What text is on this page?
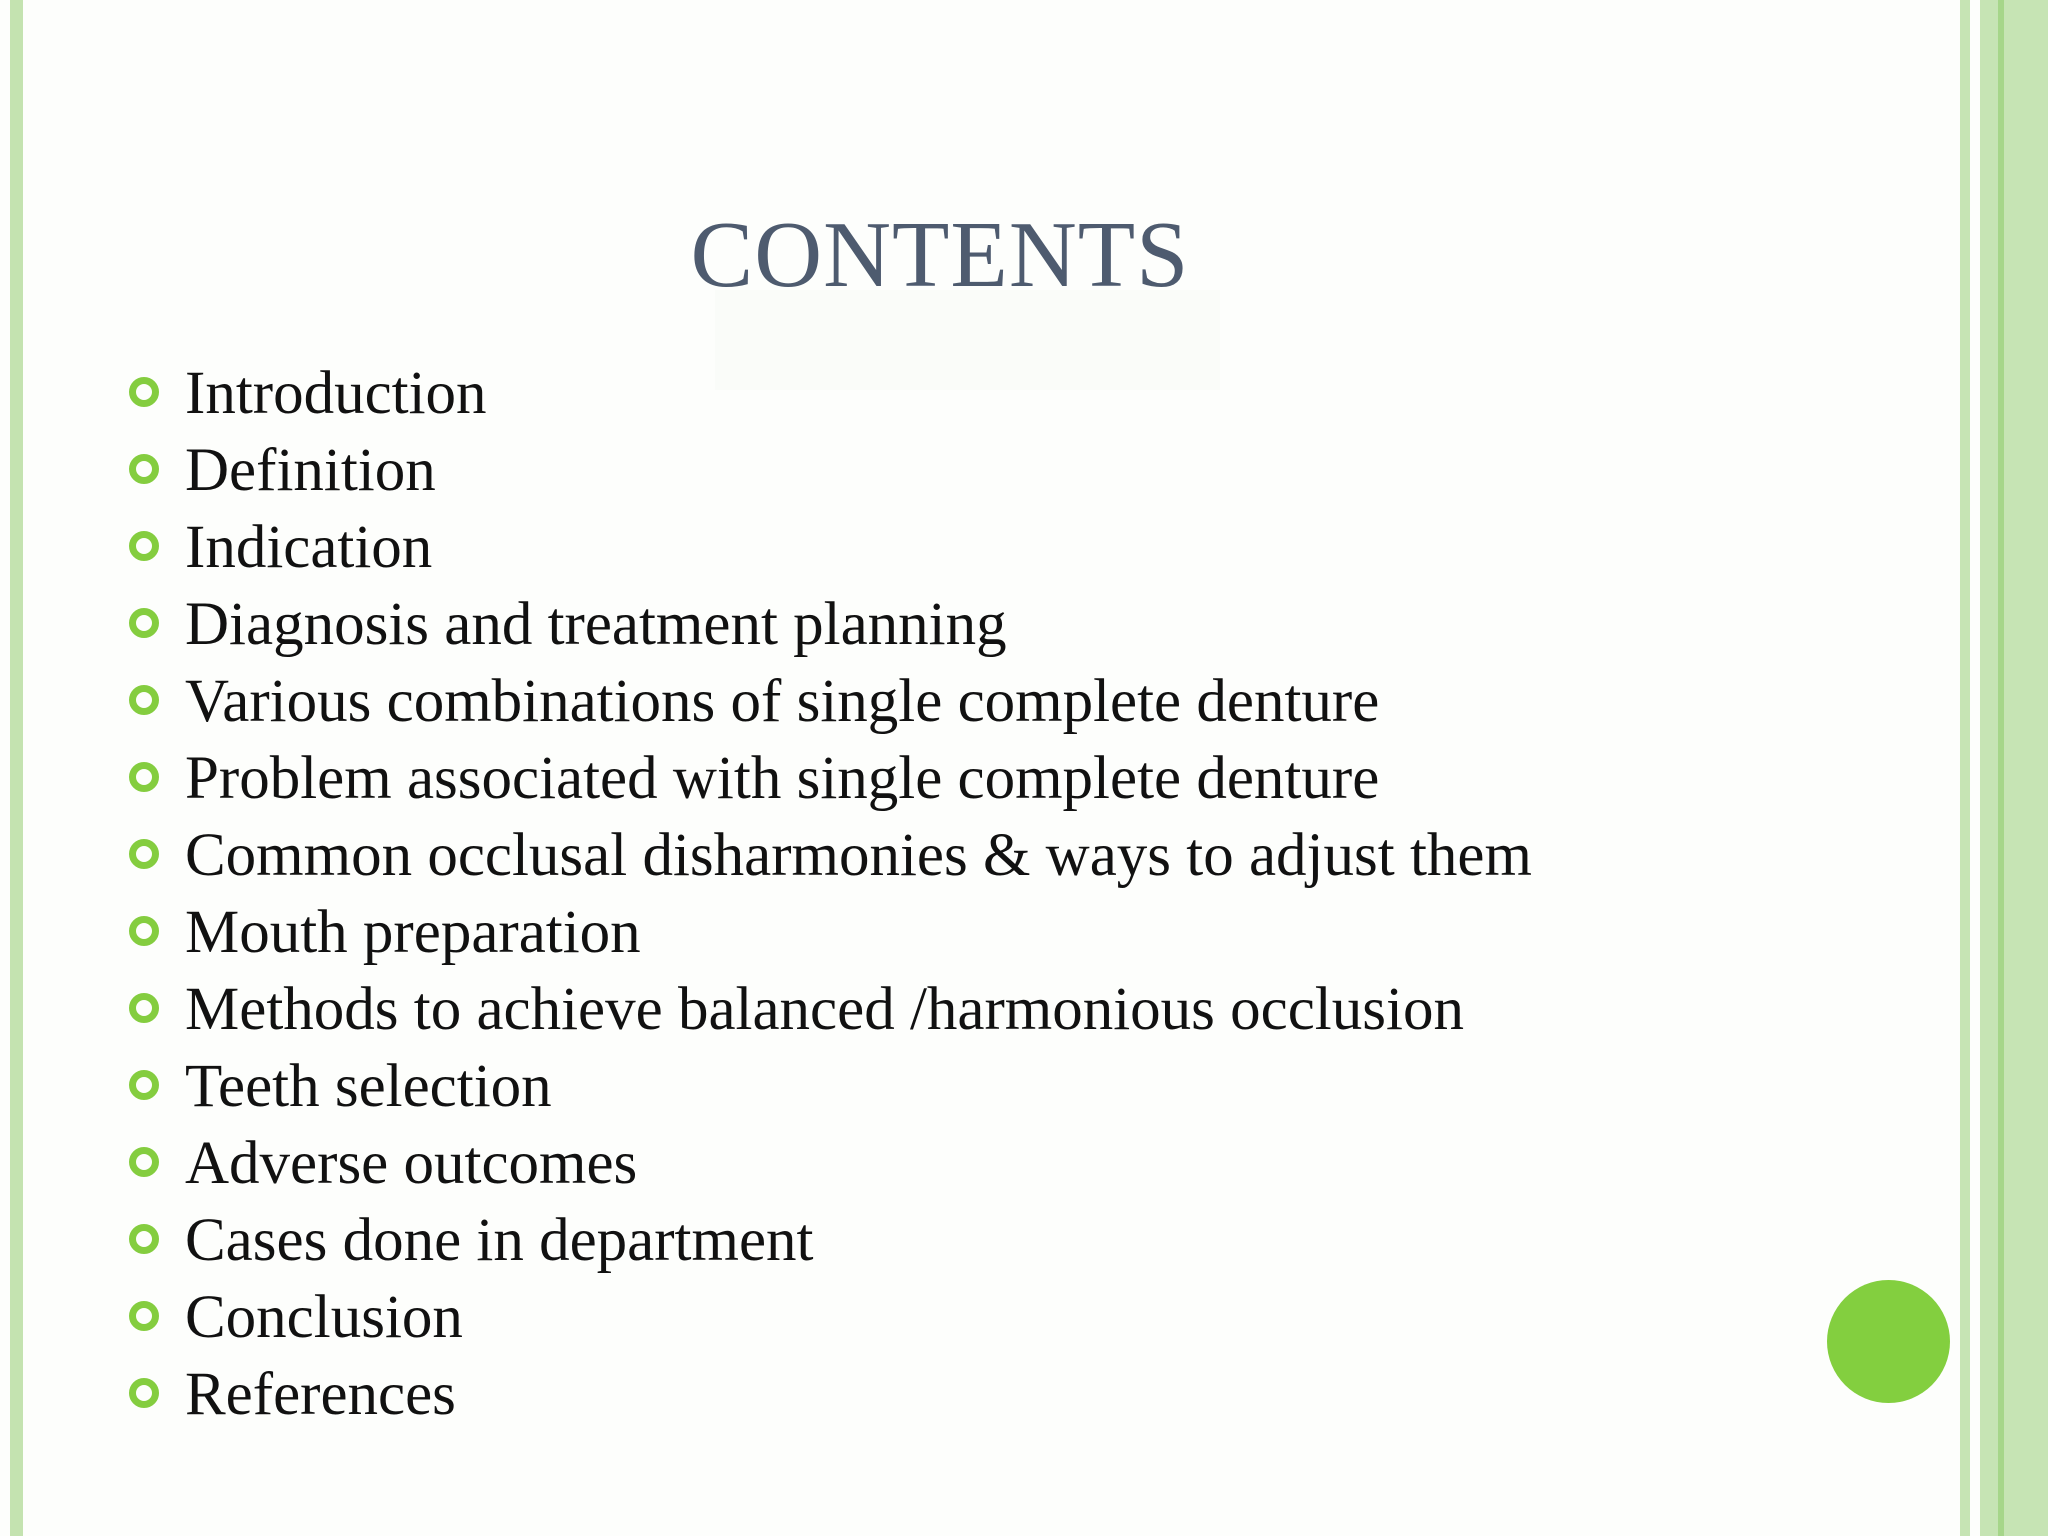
CONTENTS
Introduction
Definition
Indication
Diagnosis and treatment planning
Various combinations of single complete denture
Problem associated with single complete denture
Common occlusal disharmonies & ways to adjust them
Mouth preparation
Methods to achieve balanced /harmonious occlusion
Teeth selection
Adverse outcomes
Cases done in department
Conclusion
References
